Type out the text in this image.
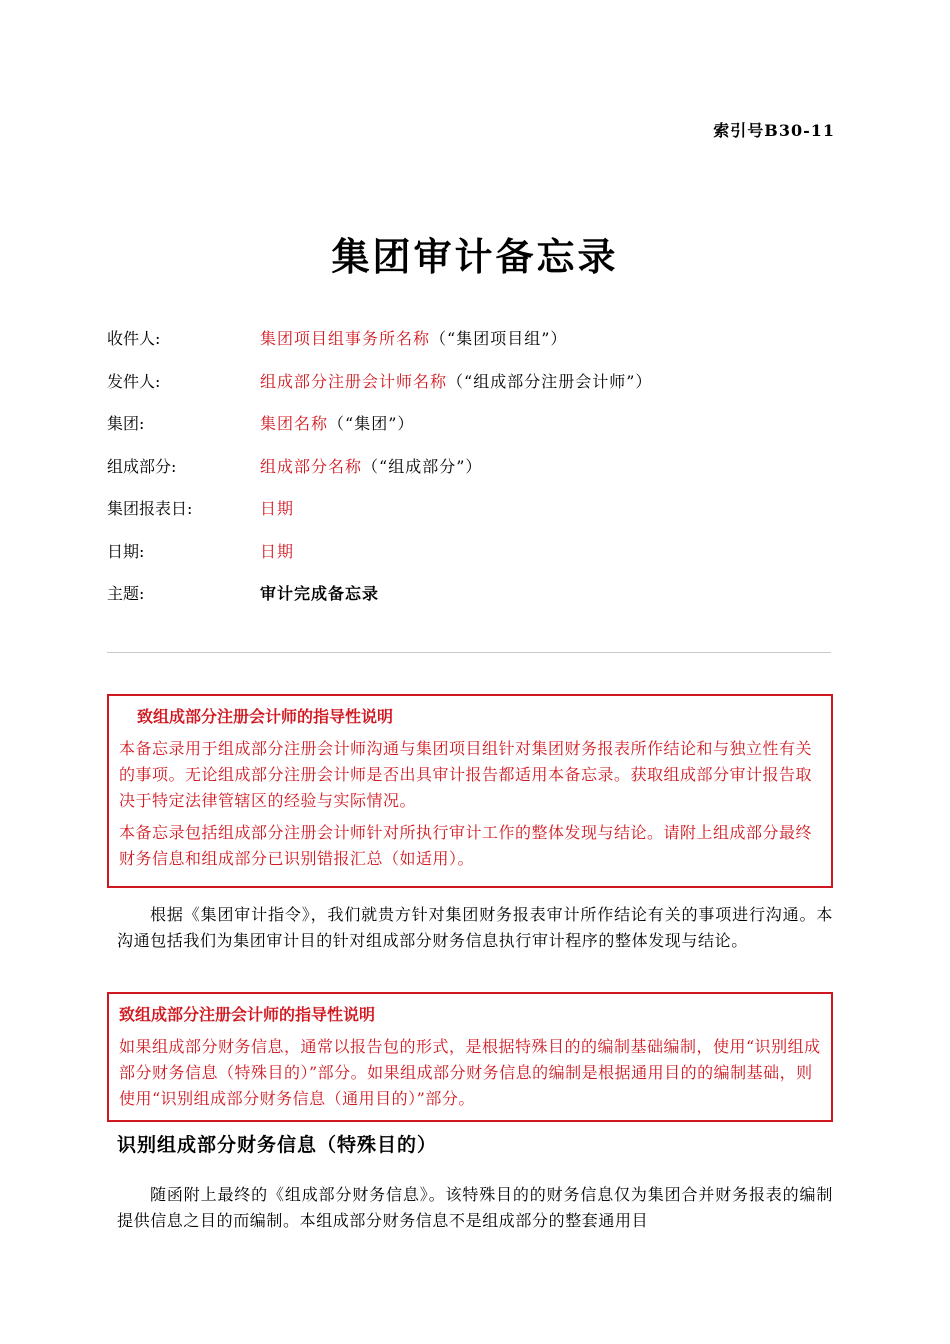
索引号B30-11
集团审计备忘录
收件人:	集团项目组事务所名称（“集团项目组”）
发件人:	组成部分注册会计师名称（“组成部分注册会计师”）
集团:	集团名称（“集团”）
组成部分:	组成部分名称（“组成部分”）
集团报表日:	日期
日期:	日期
主题:	审计完成备忘录
致组成部分注册会计师的指导性说明

本备忘录用于组成部分注册会计师沟通与集团项目组针对集团财务报表所作结论和与独立性有关的事项。无论组成部分注册会计师是否出具审计报告都适用本备忘录。获取组成部分审计报告取决于特定法律管辖区的经验与实际情况。

本备忘录包括组成部分注册会计师针对所执行审计工作的整体发现与结论。请附上组成部分最终财务信息和组成部分已识别错报汇总（如适用）。

根据《集团审计指令》，我们就贵方针对集团财务报表审计所作结论有关的事项进行沟通。本沟通包括我们为集团审计目的针对组成部分财务信息执行审计程序的整体发现与结论。

致组成部分注册会计师的指导性说明

如果组成部分财务信息，通常以报告包的形式，是根据特殊目的的编制基础编制，使用“识别组成部分财务信息（特殊目的）”部分。如果组成部分财务信息的编制是根据通用目的的编制基础，则使用“识别组成部分财务信息（通用目的）”部分。

识别组成部分财务信息（特殊目的）

随函附上最终的《组成部分财务信息》。该特殊目的的财务信息仅为集团合并财务报表的编制提供信息之目的而编制。本组成部分财务信息不是组成部分的整套通用目
